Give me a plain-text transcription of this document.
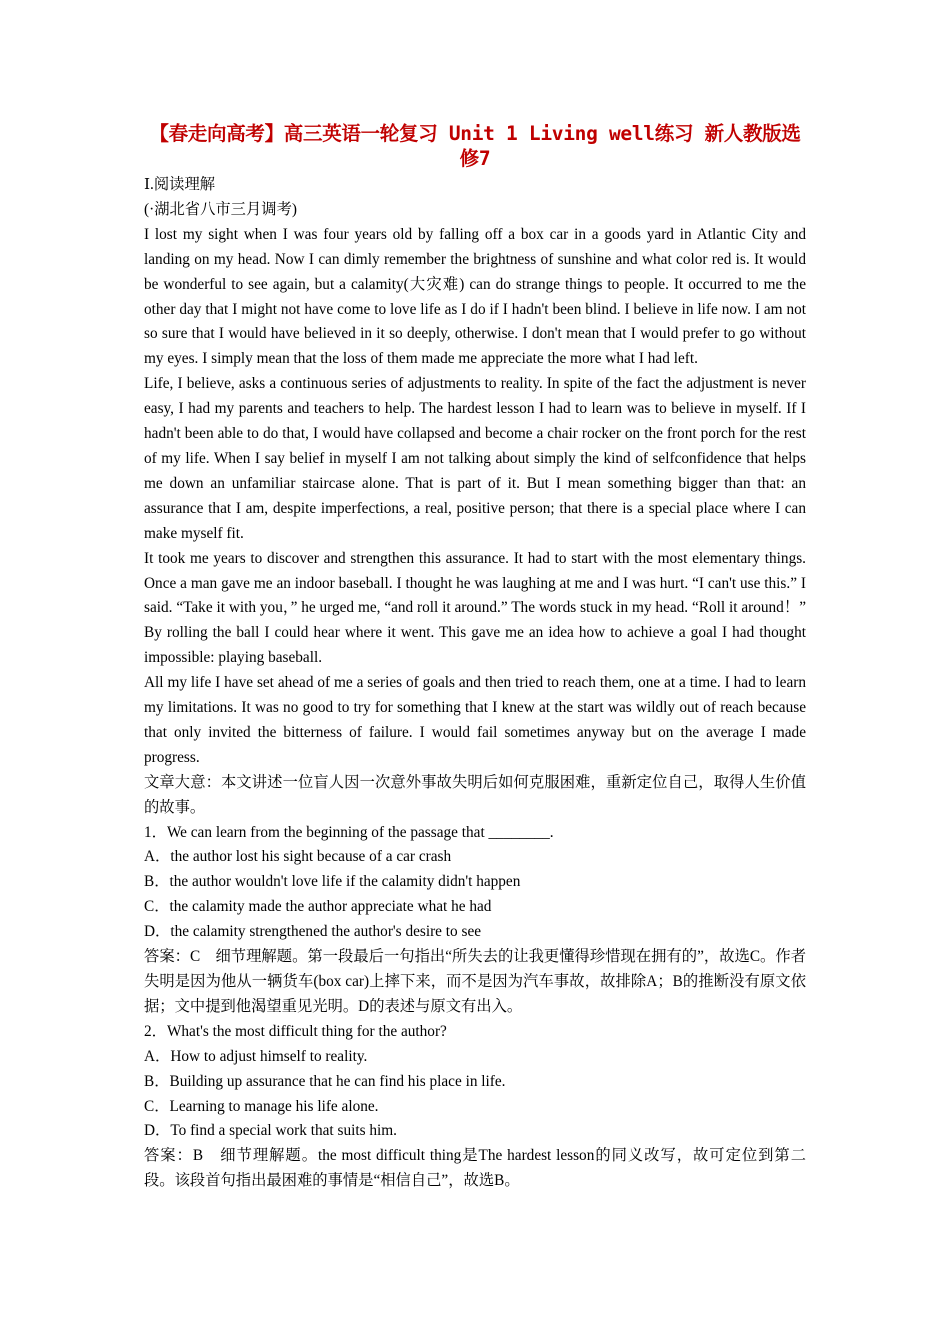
【春走向高考】高三英语一轮复习 Unit 1 Living well练习 新人教版选修7
Ⅰ.阅读理解
(·湖北省八市三月调考)
I lost my sight when I was four years old by falling off a box car in a goods yard in Atlantic City and landing on my head. Now I can dimly remember the brightness of sunshine and what color red is. It would be wonderful to see again, but a calamity(大灾难) can do strange things to people. It occurred to me the other day that I might not have come to love life as I do if I hadn't been blind. I believe in life now. I am not so sure that I would have believed in it so deeply, otherwise. I don't mean that I would prefer to go without my eyes. I simply mean that the loss of them made me appreciate the more what I had left.
Life, I believe, asks a continuous series of adjustments to reality. In spite of the fact the adjustment is never easy, I had my parents and teachers to help. The hardest lesson I had to learn was to believe in myself. If I hadn't been able to do that, I would have collapsed and become a chair rocker on the front porch for the rest of my life. When I say belief in myself I am not talking about simply the kind of selfconfidence that helps me down an unfamiliar staircase alone. That is part of it. But I mean something bigger than that: an assurance that I am, despite imperfections, a real, positive person; that there is a special place where I can make myself fit.
It took me years to discover and strengthen this assurance. It had to start with the most elementary things. Once a man gave me an indoor baseball. I thought he was laughing at me and I was hurt. “I can't use this.” I said. “Take it with you，” he urged me, “and roll it around.” The words stuck in my head. “Roll it around！” By rolling the ball I could hear where it went. This gave me an idea how to achieve a goal I had thought impossible: playing baseball.
All my life I have set ahead of me a series of goals and then tried to reach them, one at a time. I had to learn my limitations. It was no good to try for something that I knew at the start was wildly out of reach because that only invited the bitterness of failure. I would fail sometimes anyway but on the average I made progress.
文章大意：本文讲述一位盲人因一次意外事故失明后如何克服困难，重新定位自己，取得人生价值的故事。
1．We can learn from the beginning of the passage that ________.
A．the author lost his sight because of a car crash
B．the author wouldn't love life if the calamity didn't happen
C．the calamity made the author appreciate what he had
D．the calamity strengthened the author's desire to see
答案：C　细节理解题。第一段最后一句指出“所失去的让我更懂得珍惜现在拥有的”，故选C。作者失明是因为他从一辆货车(box car)上摔下来，而不是因为汽车事故，故排除A；B的推断没有原文依据；文中提到他渴望重见光明。D的表述与原文有出入。
2．What's the most difficult thing for the author?
A．How to adjust himself to reality.
B．Building up assurance that he can find his place in life.
C．Learning to manage his life alone.
D．To find a special work that suits him.
答案：B　细节理解题。the most difficult thing是The hardest lesson的同义改写，故可定位到第二段。该段首句指出最困难的事情是“相信自己”，故选B。
